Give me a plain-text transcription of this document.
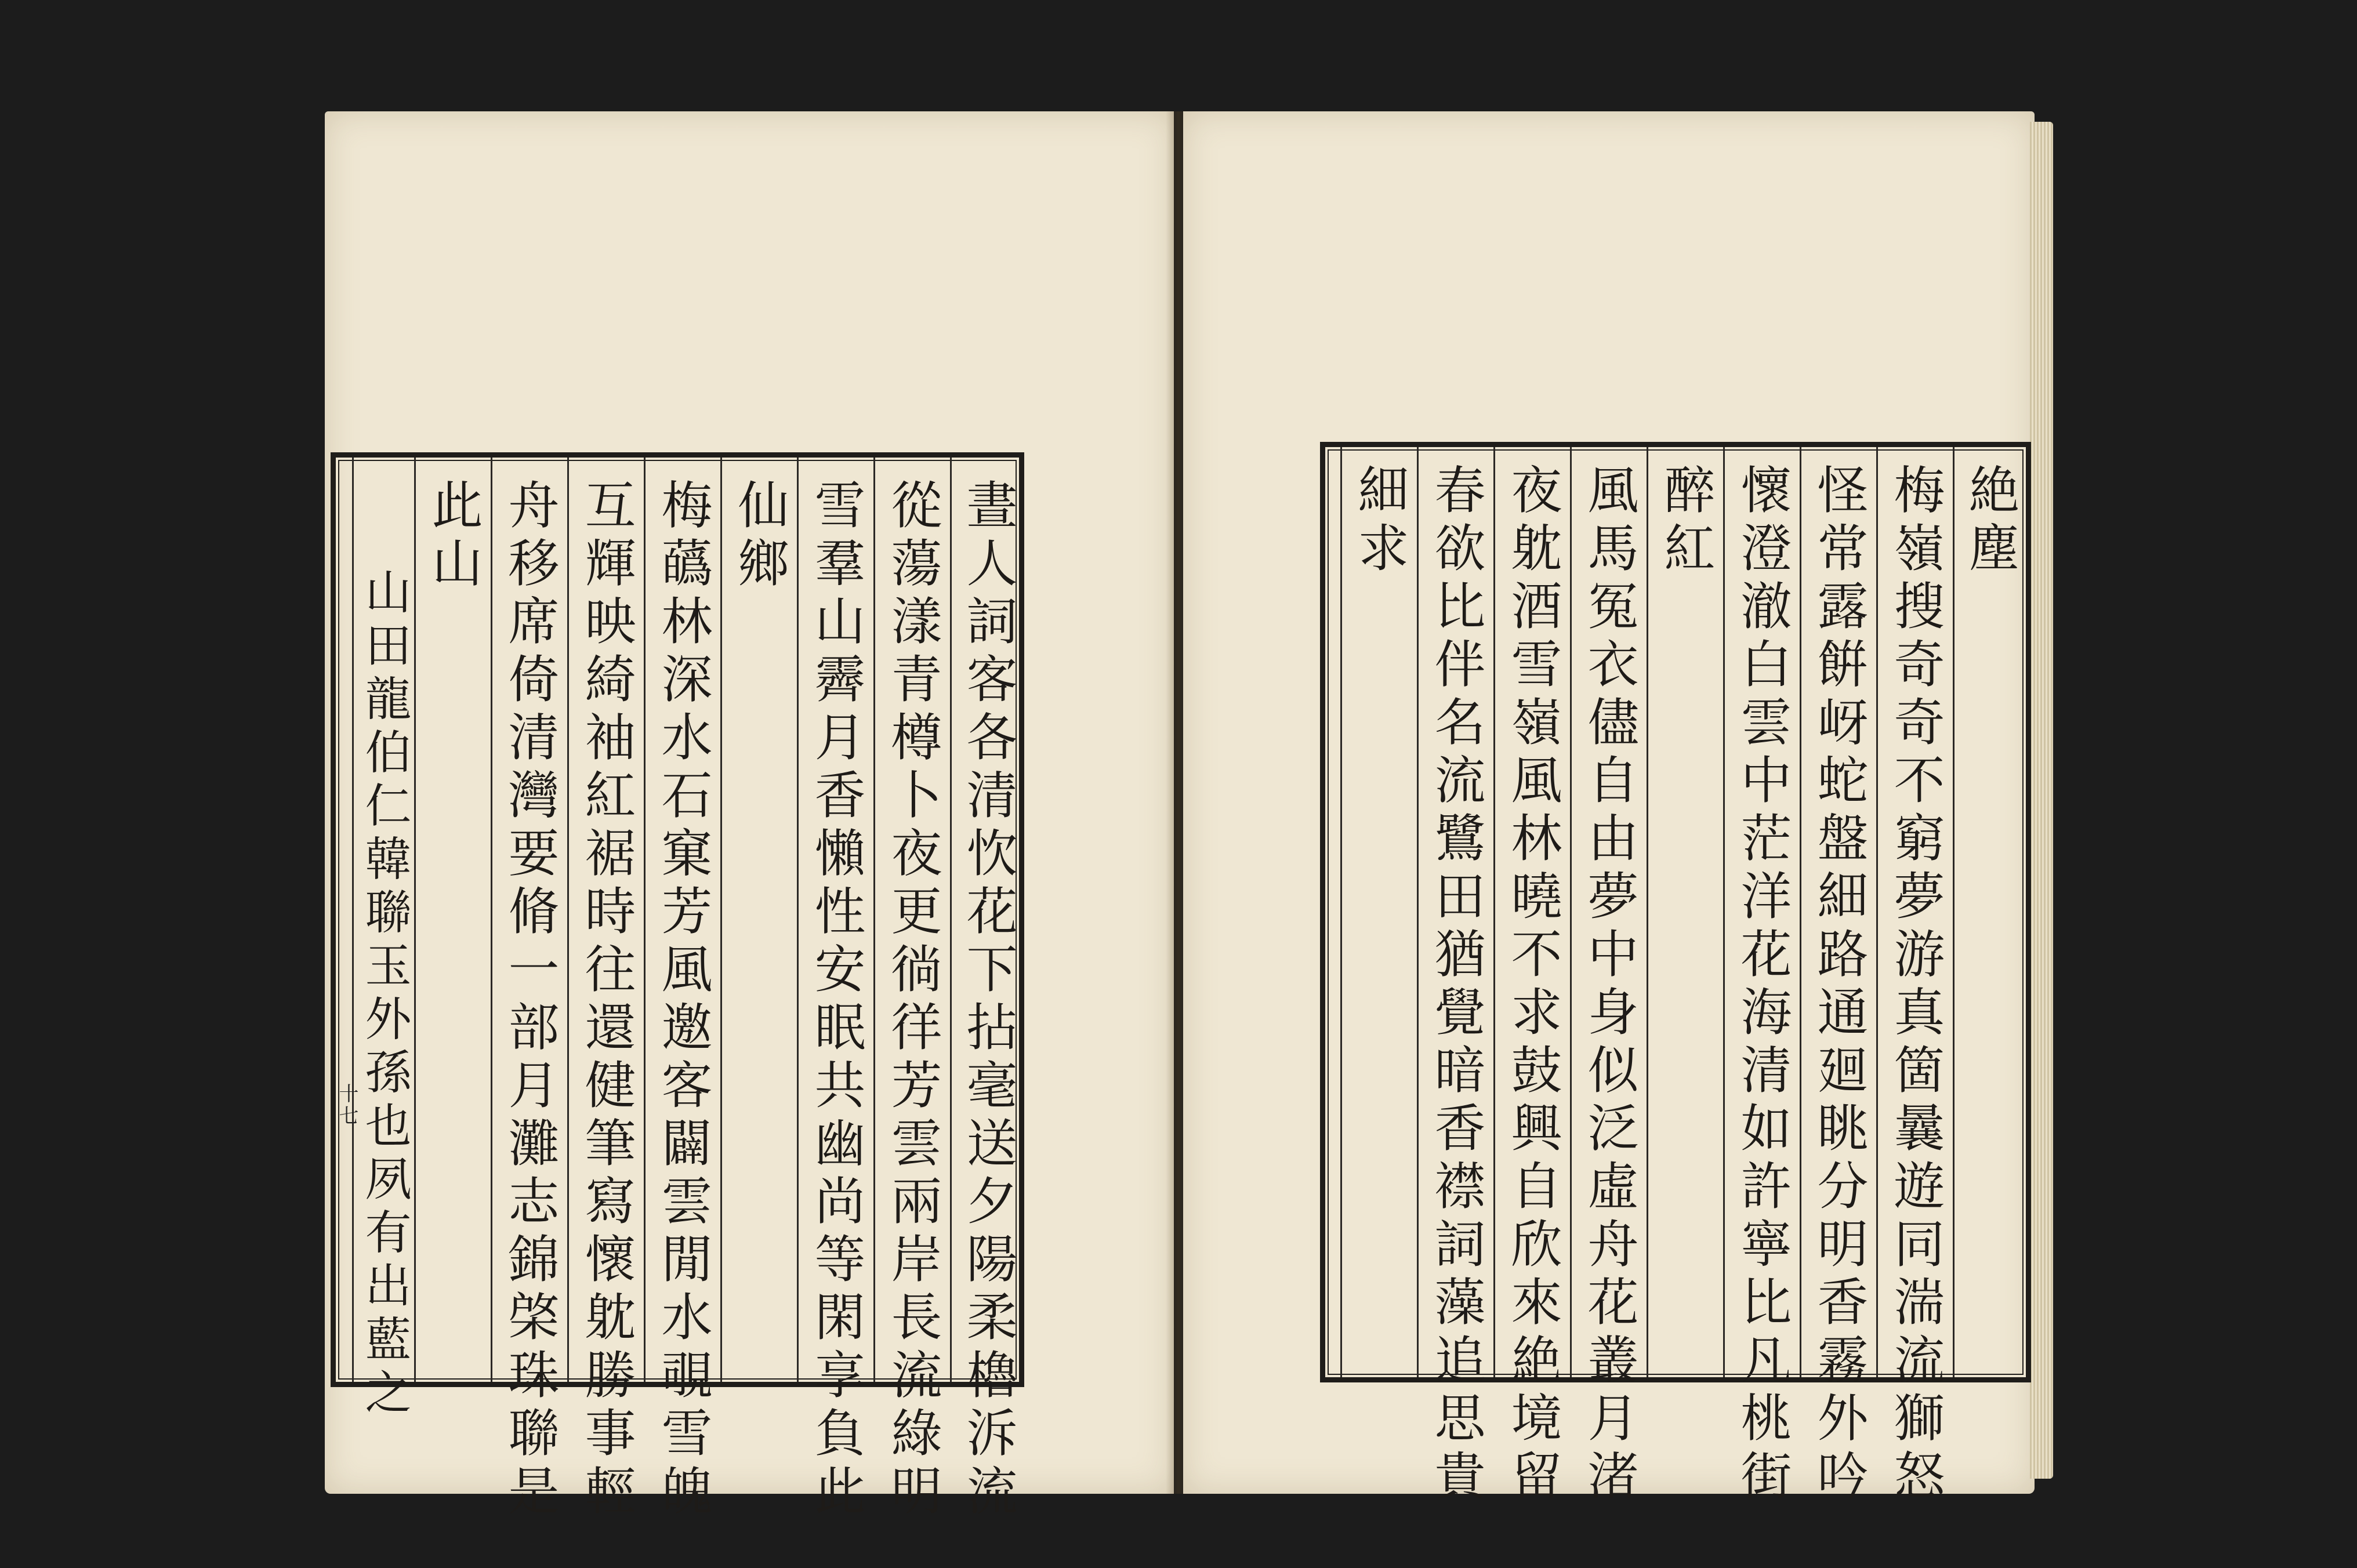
晝人詞客各清忺花下拈毫送夕陽柔櫓泝流
從蕩漾青樽卜夜更徜徉芳雲兩岸長流綠明
雪羣山霽月香懶性安眠共幽尚等閑享負此
仙鄉
梅蘤林深水石窠芳風邀客闢雲閒水覗雪魄
互輝映綺袖紅裾時往還健筆寫懷躭勝事輕
舟移席倚清灣要脩一部月灘志錦棨珠聯是
此山
山田龍伯仁韓聯玉外孫也夙有出藍之
十七
絶塵
梅嶺搜奇奇不窮夢游真箇曩遊同湍流獅怒
怪常露餠岈蛇盤細路通廻眺分明香霧外吟
懷澄澈白雲中茫洋花海清如許寧比凡桃街
醉紅
風馬冤衣儘自由夢中身似泛虛舟花叢月渚
夜躭酒雪嶺風林曉不求鼓興自欣來絶境留
春欲比伴名流鷺田猶覺暗香襟詞藻追思貴
細求
